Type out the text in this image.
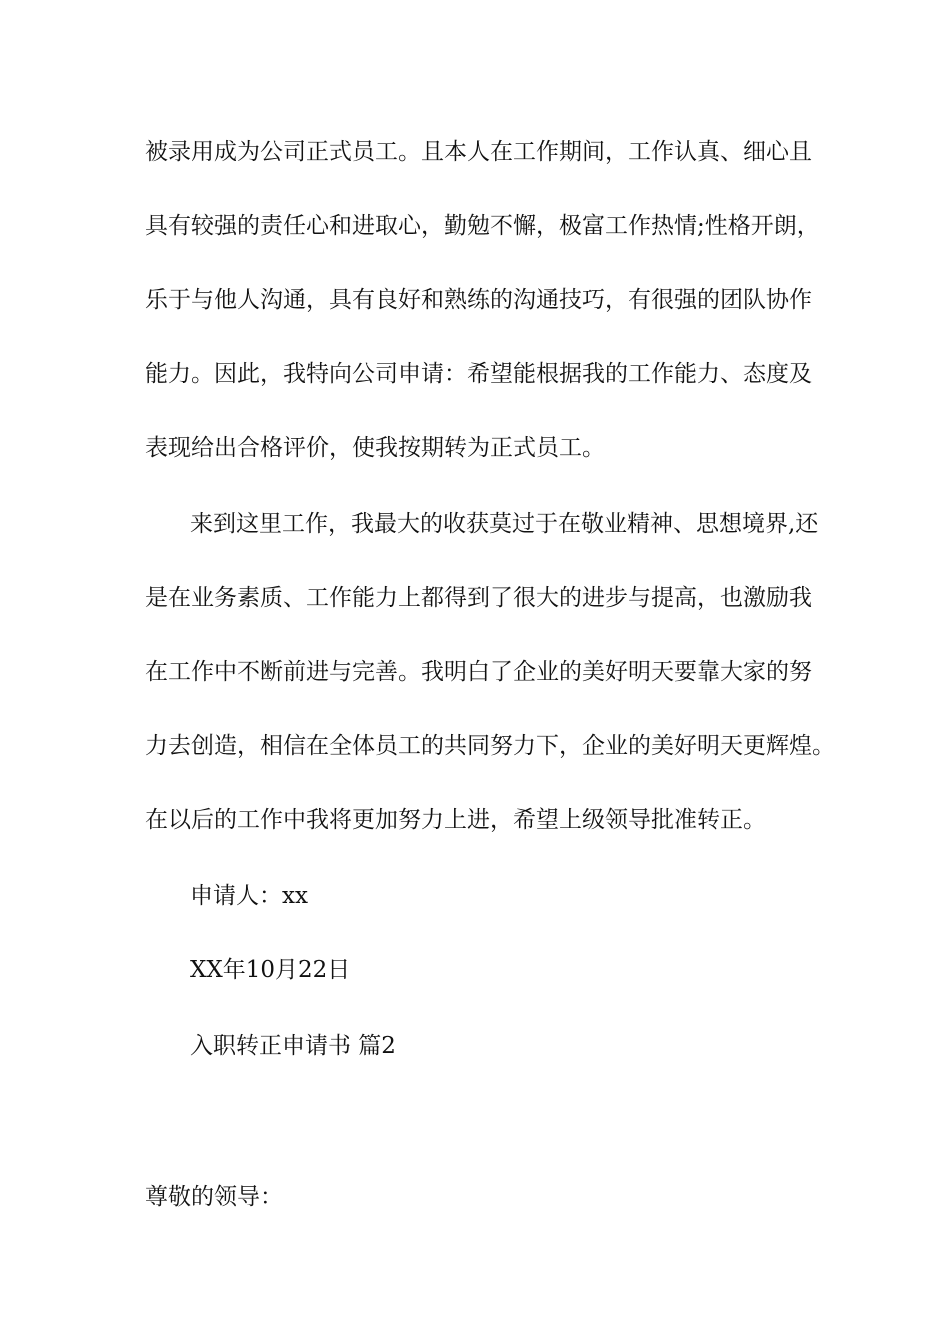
被录用成为公司正式员工。且本人在工作期间，工作认真、细心且
具有较强的责任心和进取心，勤勉不懈，极富工作热情;性格开朗，
乐于与他人沟通，具有良好和熟练的沟通技巧，有很强的团队协作
能力。因此，我特向公司申请：希望能根据我的工作能力、态度及
表现给出合格评价，使我按期转为正式员工。
来到这里工作，我最大的收获莫过于在敬业精神、思想境界,还
是在业务素质、工作能力上都得到了很大的进步与提高，也激励我
在工作中不断前进与完善。我明白了企业的美好明天要靠大家的努
力去创造，相信在全体员工的共同努力下，企业的美好明天更辉煌。
在以后的工作中我将更加努力上进，希望上级领导批准转正。
申请人：xx
XX年10月22日
入职转正申请书 篇2
尊敬的领导：
